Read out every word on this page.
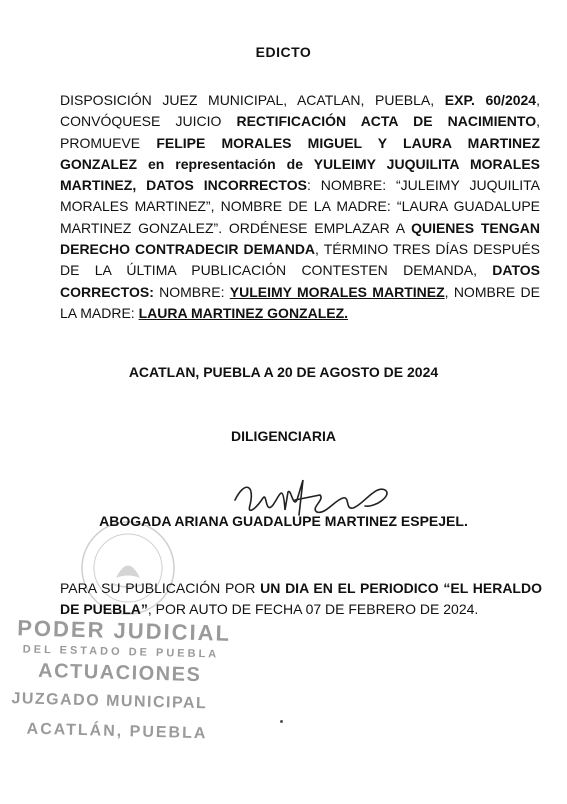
EDICTO
DISPOSICIÓN JUEZ MUNICIPAL, ACATLAN, PUEBLA, EXP. 60/2024, CONVÓQUESE JUICIO RECTIFICACIÓN ACTA DE NACIMIENTO, PROMUEVE FELIPE MORALES MIGUEL Y LAURA MARTINEZ GONZALEZ en representación de YULEIMY JUQUILITA MORALES MARTINEZ, DATOS INCORRECTOS: NOMBRE: “JULEIMY JUQUILITA MORALES MARTINEZ”, NOMBRE DE LA MADRE: “LAURA GUADALUPE MARTINEZ GONZALEZ”. ORDÉNESE EMPLAZAR A QUIENES TENGAN DERECHO CONTRADECIR DEMANDA, TÉRMINO TRES DÍAS DESPUÉS DE LA ÚLTIMA PUBLICACIÓN CONTESTEN DEMANDA, DATOS CORRECTOS: NOMBRE: YULEIMY MORALES MARTINEZ, NOMBRE DE LA MADRE: LAURA MARTINEZ GONZALEZ.
ACATLAN, PUEBLA A 20 DE AGOSTO DE 2024
DILIGENCIARIA
ABOGADA ARIANA GUADALUPE MARTINEZ ESPEJEL.
PARA SU PUBLICACIÓN POR UN DIA EN EL PERIODICO “EL HERALDO DE PUEBLA”, POR AUTO DE FECHA 07 DE FEBRERO DE 2024.
PODER JUDICIAL
DEL ESTADO DE PUEBLA
ACTUACIONES
JUZGADO MUNICIPAL
ACATLÁN, PUEBLA
